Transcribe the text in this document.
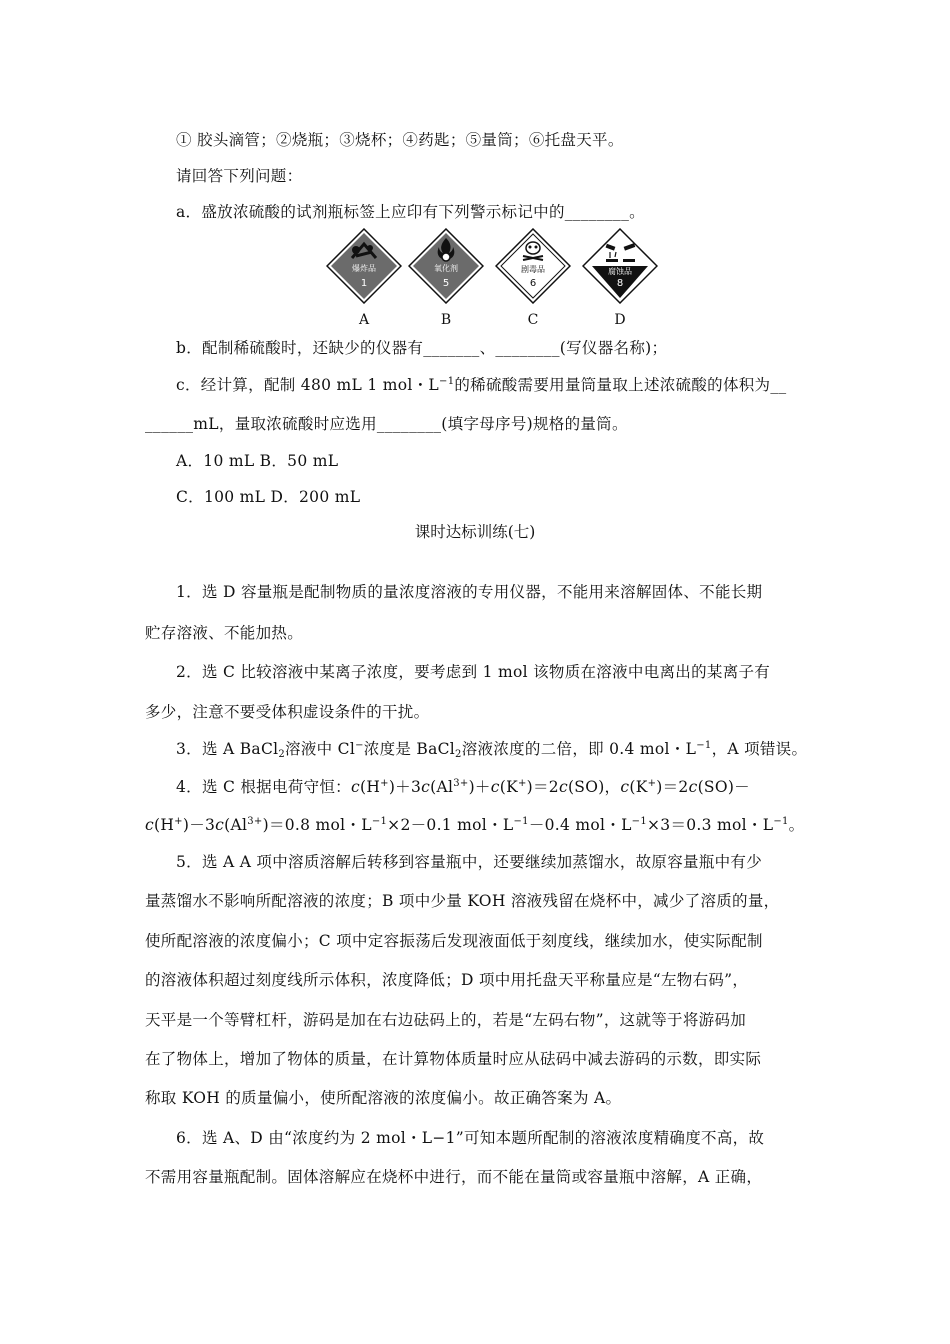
① 胶头滴管；②烧瓶；③烧杯；④药匙；⑤量筒；⑥托盘天平。
请回答下列问题：
a．盛放浓硫酸的试剂瓶标签上应印有下列警示标记中的________。
爆炸品
1
A
氧化剂
5
B
剧毒品
6
C
腐蚀品
8
D
b．配制稀硫酸时，还缺少的仪器有_______、________(写仪器名称)；
c．经计算，配制 480 mL 1 mol・$L^{-1}$的稀硫酸需要用量筒量取上述浓硫酸的体积为__
______mL，量取浓硫酸时应选用________(填字母序号)规格的量筒。
A．10 mL B．50 mL
C．100 mL D．200 mL
课时达标训练(七)
1．选 D 容量瓶是配制物质的量浓度溶液的专用仪器，不能用来溶解固体、不能长期
贮存溶液、不能加热。
2．选 C 比较溶液中某离子浓度，要考虑到 1 mol 该物质在溶液中电离出的某离子有
多少，注意不要受体积虚设条件的干扰。
3．选 A BaCl$_2$溶液中 Cl−浓度是 BaCl$_2$溶液浓度的二倍，即 0.4 mol・$L^{-1}$，A 项错误。
4．选 C 根据电荷守恒：$c(H^+)+3c(Al^{3+})+c(K^+)=2c(SO)$，c(K+)＝2c(SO)－
$c(H^+)-3c(Al^{3+})=0.8$ mol・$L^{-1}\times 2-0.1$ mol・$L^{-1}-0.4$ mol・$L^{-1}\times 3=0.3$ mol・$L^{-1}$。
5．选 A A 项中溶质溶解后转移到容量瓶中，还要继续加蒸馏水，故原容量瓶中有少
量蒸馏水不影响所配溶液的浓度；B 项中少量 KOH 溶液残留在烧杯中，减少了溶质的量，
使所配溶液的浓度偏小；C 项中定容振荡后发现液面低于刻度线，继续加水，使实际配制
的溶液体积超过刻度线所示体积，浓度降低；D 项中用托盘天平称量应是“左物右码”，
天平是一个等臂杠杆，游码是加在右边砝码上的，若是“左码右物”，这就等于将游码加
在了物体上，增加了物体的质量，在计算物体质量时应从砝码中减去游码的示数，即实际
称取 KOH 的质量偏小，使所配溶液的浓度偏小。故正确答案为 A。
6．选 A、D 由“浓度约为 2 mol・L−1”可知本题所配制的溶液浓度精确度不高，故
不需用容量瓶配制。固体溶解应在烧杯中进行，而不能在量筒或容量瓶中溶解，A 正确，
